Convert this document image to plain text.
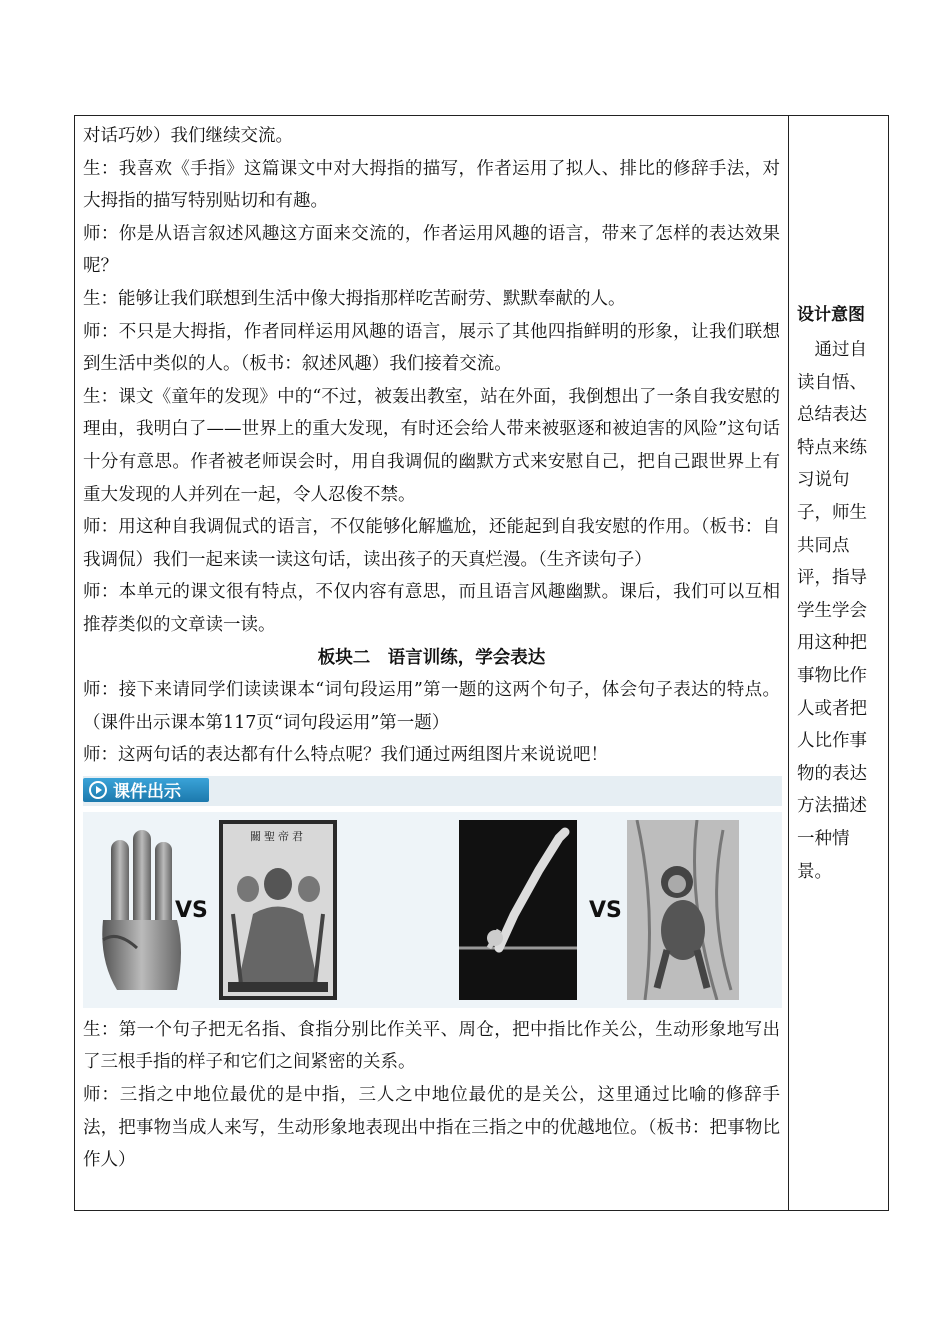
对话巧妙）我们继续交流。

生：我喜欢《手指》这篇课文中对大拇指的描写，作者运用了拟人、排比的修辞手法，对大拇指的描写特别贴切和有趣。

师：你是从语言叙述风趣这方面来交流的，作者运用风趣的语言，带来了怎样的表达效果呢？

生：能够让我们联想到生活中像大拇指那样吃苦耐劳、默默奉献的人。

师：不只是大拇指，作者同样运用风趣的语言，展示了其他四指鲜明的形象，让我们联想到生活中类似的人。（板书：叙述风趣）我们接着交流。

生：课文《童年的发现》中的“不过，被轰出教室，站在外面，我倒想出了一条自我安慰的理由，我明白了——世界上的重大发现，有时还会给人带来被驱逐和被迫害的风险”这句话十分有意思。作者被老师误会时，用自我调侃的幽默方式来安慰自己，把自己跟世界上有重大发现的人并列在一起，令人忍俊不禁。

师：用这种自我调侃式的语言，不仅能够化解尴尬，还能起到自我安慰的作用。（板书：自我调侃）我们一起来读一读这句话，读出孩子的天真烂漫。（生齐读句子）

师：本单元的课文很有特点，不仅内容有意思，而且语言风趣幽默。课后，我们可以互相推荐类似的文章读一读。

板块二　语言训练，学会表达

师：接下来请同学们读读课本“词句段运用”第一题的这两个句子，体会句子表达的特点。（课件出示课本第117页“词句段运用”第一题）

师：这两句话的表达都有什么特点呢？我们通过两组图片来说说吧！

课件出示
VS
關聖帝君
VS

生：第一个句子把无名指、食指分别比作关平、周仓，把中指比作关公，生动形象地写出了三根手指的样子和它们之间紧密的关系。

师：三指之中地位最优的是中指，三人之中地位最优的是关公，这里通过比喻的修辞手法，把事物当成人来写，生动形象地表现出中指在三指之中的优越地位。（板书：把事物比作人）

设计意图

通过自读自悟、总结表达特点来练习说句子，师生共同点评，指导学生学会用这种把事物比作人或者把人比作事物的表达方法描述一种情景。
